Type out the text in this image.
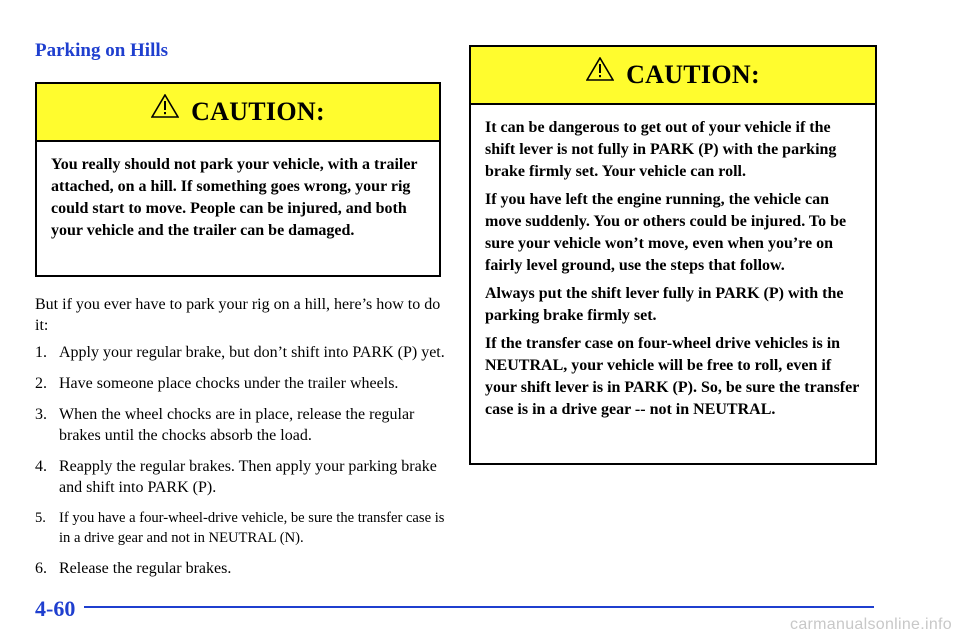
Parking on Hills
CAUTION:

You really should not park your vehicle, with a trailer attached, on a hill. If something goes wrong, your rig could start to move. People can be injured, and both your vehicle and the trailer can be damaged.

But if you ever have to park your rig on a hill, here’s how to do it:
1. Apply your regular brake, but don’t shift into PARK (P) yet.
2. Have someone place chocks under the trailer wheels.
3. When the wheel chocks are in place, release the regular brakes until the chocks absorb the load.
4. Reapply the regular brakes. Then apply your parking brake and shift into PARK (P).
5. If you have a four-wheel-drive vehicle, be sure the transfer case is in a drive gear and not in NEUTRAL (N).
6. Release the regular brakes.
CAUTION:

It can be dangerous to get out of your vehicle if the shift lever is not fully in PARK (P) with the parking brake firmly set. Your vehicle can roll.

If you have left the engine running, the vehicle can move suddenly. You or others could be injured. To be sure your vehicle won’t move, even when you’re on fairly level ground, use the steps that follow.

Always put the shift lever fully in PARK (P) with the parking brake firmly set.

If the transfer case on four-wheel drive vehicles is in NEUTRAL, your vehicle will be free to roll, even if your shift lever is in PARK (P). So, be sure the transfer case is in a drive gear -- not in NEUTRAL.

4-60
carmanualsonline.info
